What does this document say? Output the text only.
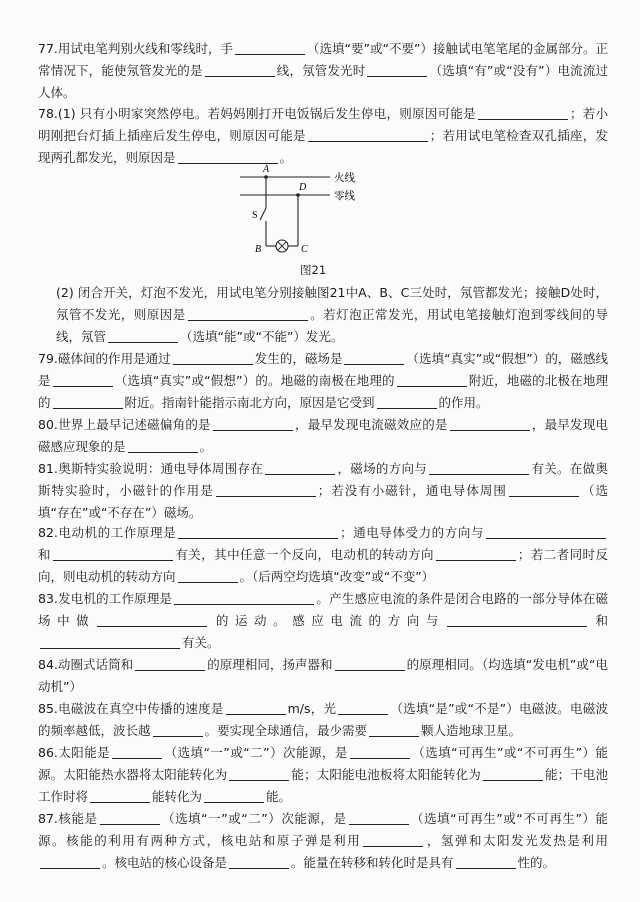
77.用试电笔判别火线和零线时，手	（选填“要”或“不要”）接触试电笔笔尾的金属部分。正常情况下，能使氖管发光的是	线，氖管发光时	（选填“有”或“没有”）电流流过人体。

78.(1) 只有小明家突然停电。若妈妈刚打开电饭锅后发生停电，则原因可能是	；若小明刚把台灯插上插座后发生停电，则原因可能是	；若用试电笔检查双孔插座，发现两孔都发光，则原因是	。

A
火线
D
零线
S
B	C
图21

(2) 闭合开关，灯泡不发光，用试电笔分别接触图21中A、B、C三处时，氖管都发光；接触D处时，氖管不发光，则原因是	。若灯泡正常发光，用试电笔接触灯泡到零线间的导线，氖管	（选填“能”或“不能”）发光。

79.磁体间的作用是通过	发生的，磁场是	（选填“真实”或“假想”）的，磁感线是	（选填“真实”或“假想”）的。地磁的南极在地理的	附近，地磁的北极在地理的	附近。指南针能指示南北方向，原因是它受到	的作用。

80.世界上最早记述磁偏角的是	，最早发现电流磁效应的是	，最早发现电磁感应现象的是	。

81.奥斯特实验说明：通电导体周围存在	，磁场的方向与	有关。在做奥斯特实验时，小磁针的作用是	；若没有小磁针，通电导体周围	（选填“存在”或“不存在”）磁场。

82.电动机的工作原理是	；通电导体受力的方向与和	有关，其中任意一个反向，电动机的转动方向	；若二者同时反向，则电动机的转动方向	。（后两空均选填“改变”或“不变”）

83.发电机的工作原理是	。产生感应电流的条件是闭合电路的一部分导体在磁场中做	的运动。感应电流的方向与	和有关。

84.动圈式话筒和	的原理相同，扬声器和	的原理相同。（均选填“发电机”或“电动机”）

85.电磁波在真空中传播的速度是	m/s，光	（选填“是”或“不是”）电磁波。电磁波的频率越低，波长越	。要实现全球通信，最少需要	颗人造地球卫星。

86.太阳能是	（选填“一”或“二”）次能源，是	（选填“可再生”或“不可再生”）能源。太阳能热水器将太阳能转化为	能；太阳能电池板将太阳能转化为	能；干电池工作时将	能转化为	能。

87.核能是	（选填“一”或“二”）次能源，是	（选填“可再生”或“不可再生”）能源。核能的利用有两种方式，核电站和原子弹是利用	，氢弹和太阳发光发热是利用。核电站的核心设备是	。能量在转移和转化时是具有	性的。
